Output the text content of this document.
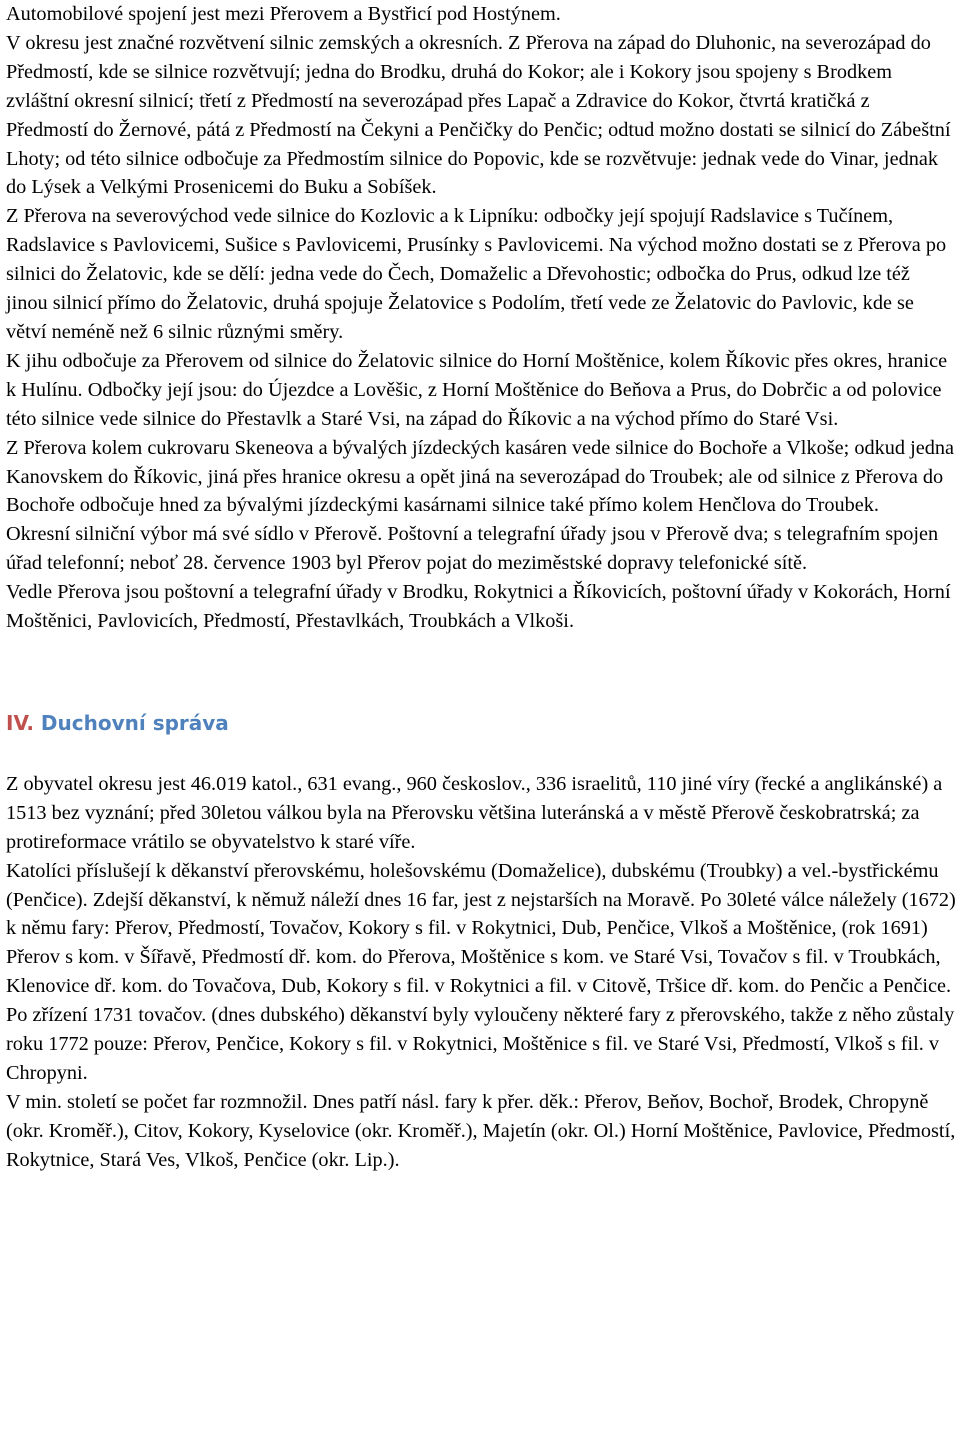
Automobilové spojení jest mezi Přerovem a Bystřicí pod Hostýnem.

V okresu jest značné rozvětvení silnic zemských a okresních. Z Přerova na západ do Dluhonic, na severozápad do Předmostí, kde se silnice rozvětvují; jedna do Brodku, druhá do Kokor; ale i Kokory jsou spojeny s Brodkem zvláštní okresní silnicí; třetí z Předmostí na severozápad přes Lapač a Zdravice do Kokor, čtvrtá kratičká z Předmostí do Žernové, pátá z Předmostí na Čekyni a Penčičky do Penčic; odtud možno dostati se silnicí do Zábeštní Lhoty; od této silnice odbočuje za Předmostím silnice do Popovic, kde se rozvětvuje: jednak vede do Vinar, jednak do Lýsek a Velkými Prosenicemi do Buku a Sobíšek.

Z Přerova na severovýchod vede silnice do Kozlovic a k Lipníku: odbočky její spojují Radslavice s Tučínem, Radslavice s Pavlovicemi, Sušice s Pavlovicemi, Prusínky s Pavlovicemi. Na východ možno dostati se z Přerova po silnici do Želatovic, kde se dělí: jedna vede do Čech, Domaželic a Dřevohostic; odbočka do Prus, odkud lze též jinou silnicí přímo do Želatovic, druhá spojuje Želatovice s Podolím, třetí vede ze Želatovic do Pavlovic, kde se větví neméně než 6 silnic různými směry.

K jihu odbočuje za Přerovem od silnice do Želatovic silnice do Horní Moštěnice, kolem Říkovic přes okres, hranice k Hulínu. Odbočky její jsou: do Újezdce a Lověšic, z Horní Moštěnice do Beňova a Prus, do Dobrčic a od polovice této silnice vede silnice do Přestavlk a Staré Vsi, na západ do Říkovic a na východ přímo do Staré Vsi.

Z Přerova kolem cukrovaru Skeneova a bývalých jízdeckých kasáren vede silnice do Bochoře a Vlkoše; odkud jedna Kanovskem do Říkovic, jiná přes hranice okresu a opět jiná na severozápad do Troubek; ale od silnice z Přerova do Bochoře odbočuje hned za bývalými jízdeckými kasárnami silnice také přímo kolem Henčlova do Troubek.

Okresní silniční výbor má své sídlo v Přerově. Poštovní a telegrafní úřady jsou v Přerově dva; s telegrafním spojen úřad telefonní; neboť 28. července 1903 byl Přerov pojat do meziměstské dopravy telefonické sítě.

Vedle Přerova jsou poštovní a telegrafní úřady v Brodku, Rokytnici a Říkovicích, poštovní úřady v Kokorách, Horní Moštěnici, Pavlovicích, Předmostí, Přestavlkách, Troubkách a Vlkoši.

IV. Duchovní správa

Z obyvatel okresu jest 46.019 katol., 631 evang., 960 českoslov., 336 israelitů, 110 jiné víry (řecké a anglikánské) a 1513 bez vyznání; před 30letou válkou byla na Přerovsku většina luteránská a v městě Přerově českobratrská; za protireformace vrátilo se obyvatelstvo k staré víře.

Katolíci příslušejí k děkanství přerovskému, holešovskému (Domaželice), dubskému (Troubky) a vel.-bystřickému (Penčice). Zdejší děkanství, k němuž náleží dnes 16 far, jest z nejstarších na Moravě. Po 30leté válce náležely (1672) k němu fary: Přerov, Předmostí, Tovačov, Kokory s fil. v Rokytnici, Dub, Penčice, Vlkoš a Moštěnice, (rok 1691) Přerov s kom. v Šířavě, Předmostí dř. kom. do Přerova, Moštěnice s kom. ve Staré Vsi, Tovačov s fil. v Troubkách, Klenovice dř. kom. do Tovačova, Dub, Kokory s fil. v Rokytnici a fil. v Citově, Tršice dř. kom. do Penčic a Penčice. Po zřízení 1731 tovačov. (dnes dubského) děkanství byly vyloučeny některé fary z přerovského, takže z něho zůstaly roku 1772 pouze: Přerov, Penčice, Kokory s fil. v Rokytnici, Moštěnice s fil. ve Staré Vsi, Předmostí, Vlkoš s fil. v Chropyni.

V min. století se počet far rozmnožil. Dnes patří násl. fary k přer. děk.: Přerov, Beňov, Bochoř, Brodek, Chropyně (okr. Kroměř.), Citov, Kokory, Kyselovice (okr. Kroměř.), Majetín (okr. Ol.) Horní Moštěnice, Pavlovice, Předmostí, Rokytnice, Stará Ves, Vlkoš, Penčice (okr. Lip.).
